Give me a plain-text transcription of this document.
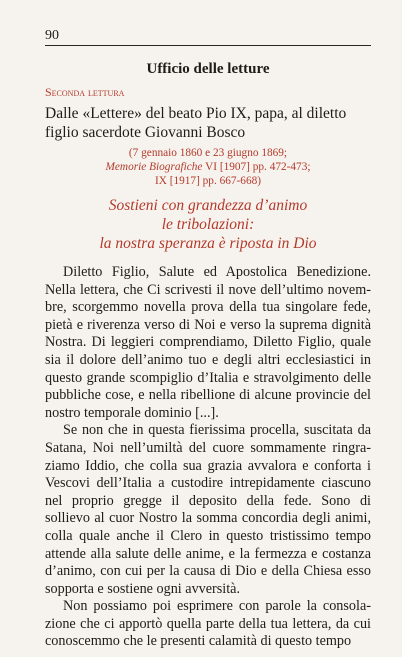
90
Ufficio delle letture
Seconda lettura

Dalle «Lettere» del beato Pio IX, papa, al diletto figlio sacerdote Giovanni Bosco

(7 gennaio 1860 e 23 giugno 1869;
Memorie Biografiche VI [1907] pp. 472-473;
IX [1917] pp. 667-668)
Sostieni con grandezza d’animo
le tribolazioni:
la nostra speranza è riposta in Dio

Diletto Figlio, Salute ed Apostolica Benedizione. Nella lettera, che Ci scrivesti il nove dell’ultimo novembre, scorgemmo novella prova della tua singolare fede, pietà e riverenza verso di Noi e verso la suprema dignità Nostra. Di leggieri comprendiamo, Diletto Figlio, quale sia il dolore dell’animo tuo e degli altri ecclesiastici in questo grande scompiglio d’Italia e stravolgimento delle pubbliche cose, e nella ribellione di alcune provincie del nostro temporale dominio [...].

Se non che in questa fierissima procella, suscitata da Satana, Noi nell’umiltà del cuore sommamente ringraziamo Iddio, che colla sua grazia avvalora e conforta i Vescovi dell’Italia a custodire intrepidamente ciascuno nel proprio gregge il deposito della fede. Sono di sollievo al cuor Nostro la somma concordia degli animi, colla quale anche il Clero in questo tristissimo tempo attende alla salute delle anime, e la fermezza e costanza d’animo, con cui per la causa di Dio e della Chiesa esso sopporta e sostiene ogni avversità.

Non possiamo poi esprimere con parole la consolazione che ci apportò quella parte della tua lettera, da cui conoscemmo che le presenti calamità di questo tempo
